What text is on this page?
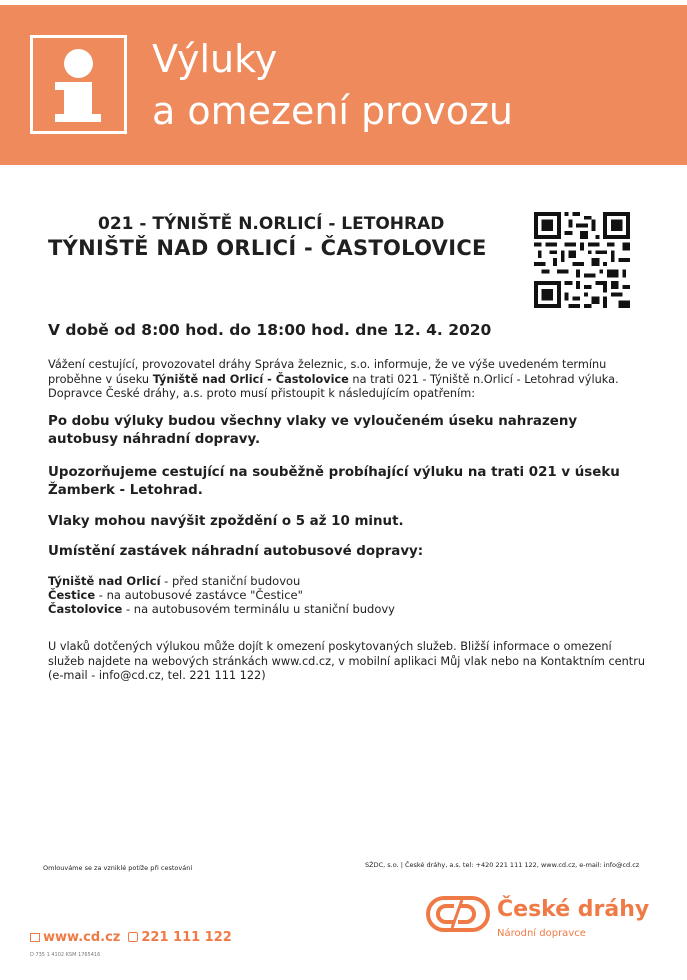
Výluky
a omezení provozu
021 - TÝNIŠTĚ N.ORLICÍ - LETOHRAD
TÝNIŠTĚ NAD ORLICÍ - ČASTOLOVICE
V době od 8:00 hod. do 18:00 hod. dne 12. 4. 2020
Vážení cestující, provozovatel dráhy Správa železnic, s.o. informuje, že ve výše uvedeném termínu proběhne v úseku Týniště nad Orlicí - Častolovice na trati 021 - Týniště n.Orlicí - Letohrad výluka. Dopravce České dráhy, a.s. proto musí přistoupit k následujícím opatřením:
Po dobu výluky budou všechny vlaky ve vyloučeném úseku nahrazeny autobusy náhradní dopravy.
Upozorňujeme cestující na souběžně probíhající výluku na trati 021 v úseku Žamberk - Letohrad.
Vlaky mohou navýšit zpoždění o 5 až 10 minut.
Umístění zastávek náhradní autobusové dopravy:
Týniště nad Orlicí - před staniční budovou
Čestice - na autobusové zastávce "Čestice"
Častolovice - na autobusovém terminálu u staniční budovy
U vlaků dotčených výlukou může dojít k omezení poskytovaných služeb. Bližší informace o omezení služeb najdete na webových stránkách www.cd.cz, v mobilní aplikaci Můj vlak nebo na Kontaktním centru (e-mail - info@cd.cz, tel. 221 111 122)
Omlouváme se za vzniklé potíže při cestování	SŽDC, s.o. | České dráhy, a.s. tel: +420 221 111 122, www.cd.cz, e-mail: info@cd.cz
České dráhy
Národní dopravce
www.cd.cz 221 111 122
D 735 1 4102 KSM 1765416
